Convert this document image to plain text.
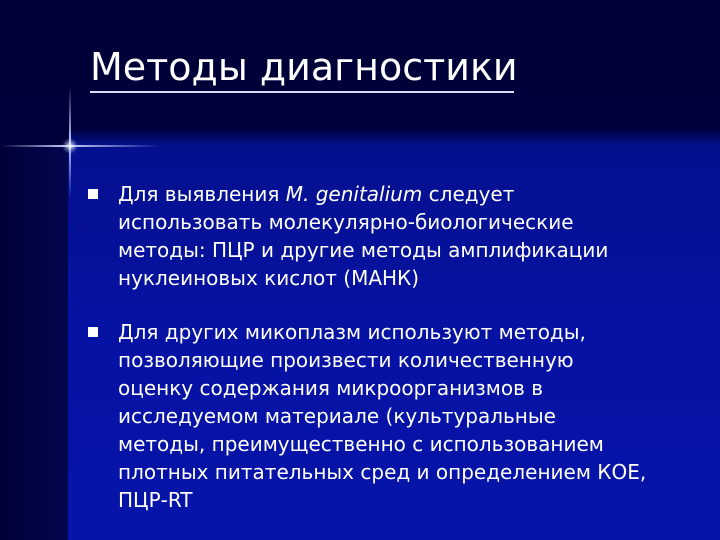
Методы диагностики
Для выявления M. genitalium следует
использовать молекулярно-биологические
методы: ПЦР и другие методы амплификации
нуклеиновых кислот (МАНК)
Для других микоплазм используют методы,
позволяющие произвести количественную
оценку содержания микроорганизмов в
исследуемом материале (культуральные
методы, преимущественно с использованием
плотных питательных сред и определением КОЕ,
ПЦР-RT
